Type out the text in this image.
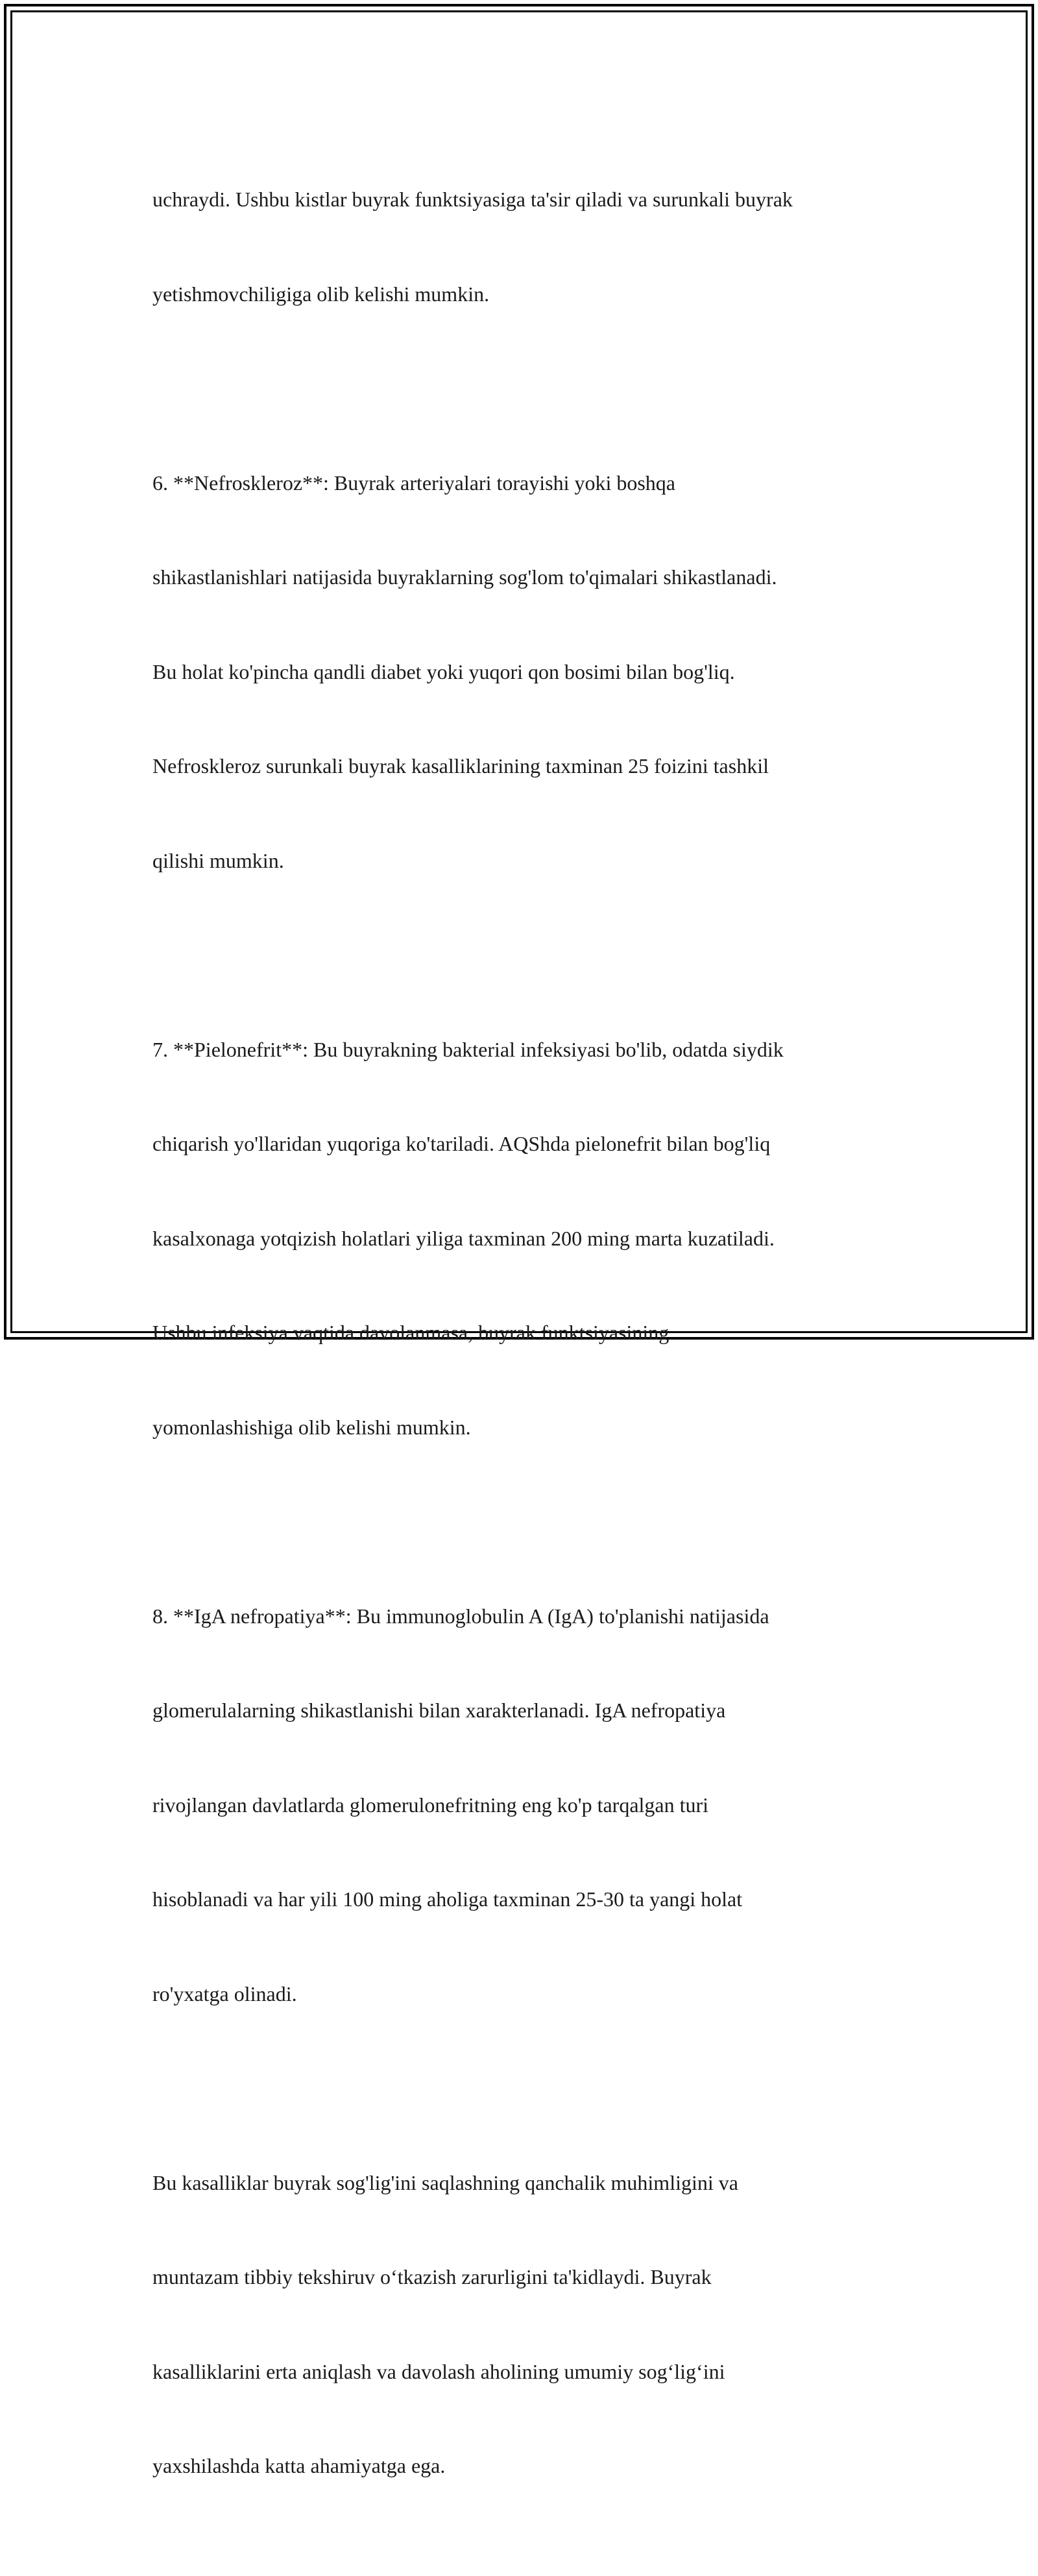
uchraydi. Ushbu kistlar buyrak funktsiyasiga ta'sir qiladi va surunkali buyrak

yetishmovchiligiga olib kelishi mumkin.

6. **Nefroskleroz**: Buyrak arteriyalari torayishi yoki boshqa

shikastlanishlari natijasida buyraklarning sog'lom to'qimalari shikastlanadi.

Bu holat ko'pincha qandli diabet yoki yuqori qon bosimi bilan bog'liq.

Nefroskleroz surunkali buyrak kasalliklarining taxminan 25 foizini tashkil

qilishi mumkin.

7. **Pielonefrit**: Bu buyrakning bakterial infeksiyasi bo'lib, odatda siydik

chiqarish yo'llaridan yuqoriga ko'tariladi. AQShda pielonefrit bilan bog'liq

kasalxonaga yotqizish holatlari yiliga taxminan 200 ming marta kuzatiladi.

Ushbu infeksiya vaqtida davolanmasa, buyrak funktsiyasining

yomonlashishiga olib kelishi mumkin.

8. **IgA nefropatiya**: Bu immunoglobulin A (IgA) to'planishi natijasida

glomerulalarning shikastlanishi bilan xarakterlanadi. IgA nefropatiya

rivojlangan davlatlarda glomerulonefritning eng ko'p tarqalgan turi

hisoblanadi va har yili 100 ming aholiga taxminan 25-30 ta yangi holat

ro'yxatga olinadi.

Bu kasalliklar buyrak sog'lig'ini saqlashning qanchalik muhimligini va

muntazam tibbiy tekshiruv o‘tkazish zarurligini ta'kidlaydi. Buyrak

kasalliklarini erta aniqlash va davolash aholining umumiy sog‘lig‘ini

yaxshilashda katta ahamiyatga ega.
